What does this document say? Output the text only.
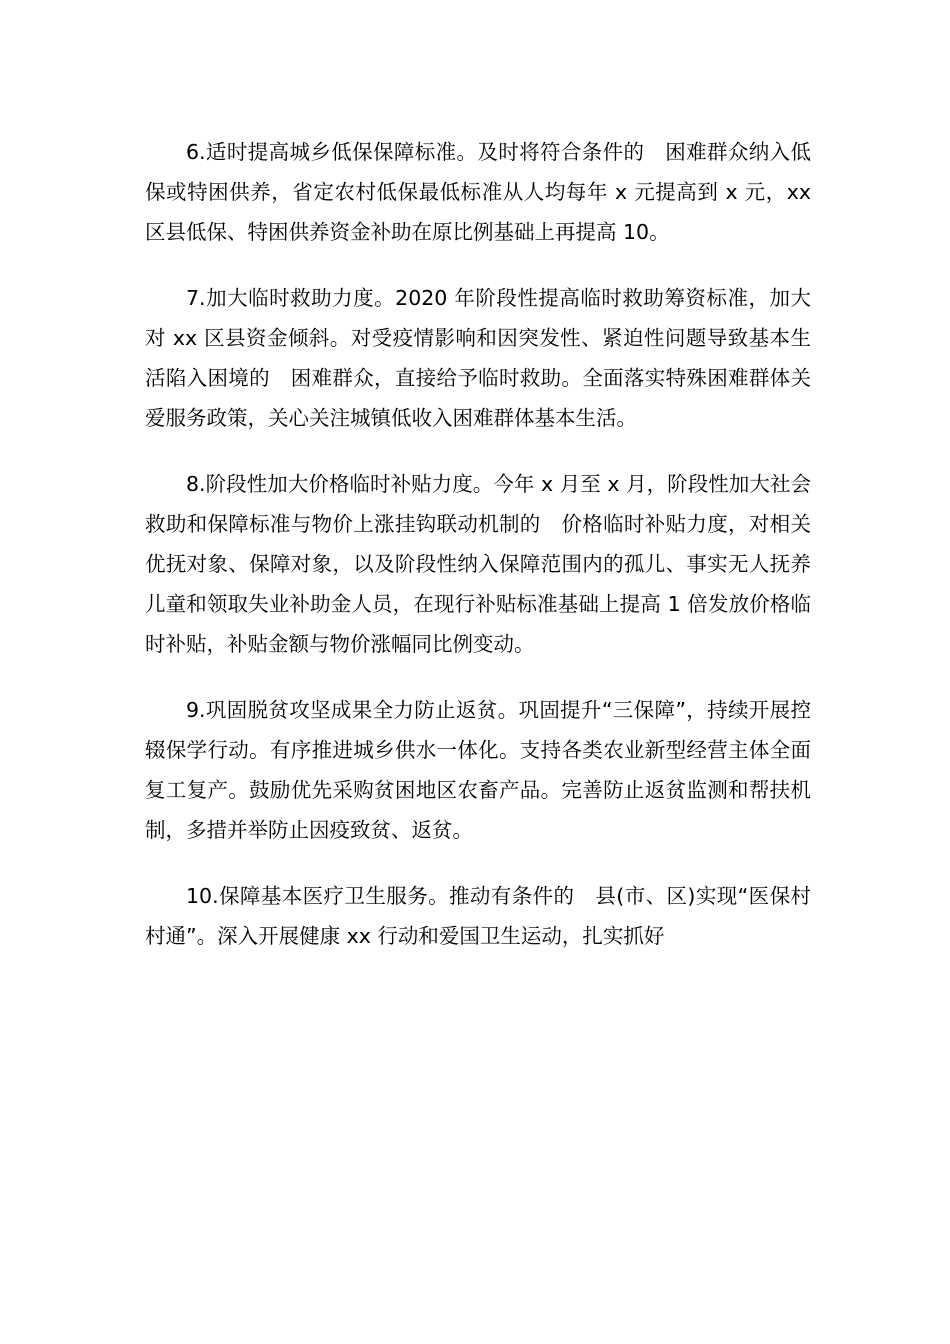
6.适时提高城乡低保保障标准。及时将符合条件的　困难群众纳入低保或特困供养，省定农村低保最低标准从人均每年 x 元提高到 x 元，xx 区县低保、特困供养资金补助在原比例基础上再提高 10。

7.加大临时救助力度。2020 年阶段性提高临时救助筹资标准，加大对 xx 区县资金倾斜。对受疫情影响和因突发性、紧迫性问题导致基本生活陷入困境的　困难群众，直接给予临时救助。全面落实特殊困难群体关爱服务政策，关心关注城镇低收入困难群体基本生活。

8.阶段性加大价格临时补贴力度。今年 x 月至 x 月，阶段性加大社会救助和保障标准与物价上涨挂钩联动机制的　价格临时补贴力度，对相关优抚对象、保障对象，以及阶段性纳入保障范围内的孤儿、事实无人抚养儿童和领取失业补助金人员，在现行补贴标准基础上提高 1 倍发放价格临时补贴，补贴金额与物价涨幅同比例变动。

9.巩固脱贫攻坚成果全力防止返贫。巩固提升“三保障”，持续开展控辍保学行动。有序推进城乡供水一体化。支持各类农业新型经营主体全面复工复产。鼓励优先采购贫困地区农畜产品。完善防止返贫监测和帮扶机制，多措并举防止因疫致贫、返贫。

10.保障基本医疗卫生服务。推动有条件的　县(市、区)实现“医保村村通”。深入开展健康 xx 行动和爱国卫生运动，扎实抓好
